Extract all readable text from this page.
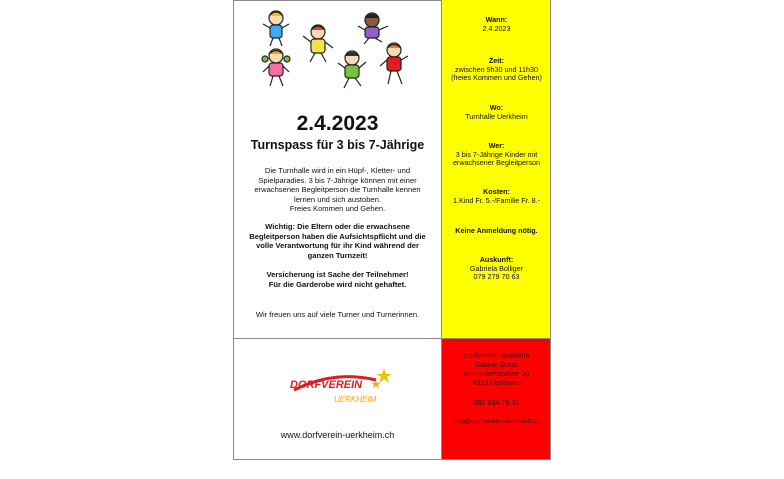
2.4.2023
Turnspass für 3 bis 7-Jährige
Die Turnhalle wird in ein Hüpf-, Kletter- und
Spielparadies. 3 bis 7-Jährige können mit einer
erwachsenen Begleitperson die Turnhalle kennen
lernen und sich austoben.
Freies Kommen und Gehen.
Wichtig: Die Eltern oder die erwachsene
Begleitperson haben die Aufsichtspflicht und die
volle Verantwortung für ihr Kind während der
ganzen Turnzeit!
Versicherung ist Sache der Teilnehmer!
Für die Garderobe wird nicht gehaftet.
Wir freuen uns auf viele Turner und Turnerinnen.
DORFVEREIN
UERKHEIM
www.dorfverein-uerkheim.ch
Wann:
2.4.2023
Zeit:
zwischen 9h30 und 11h30
(freies Kommen und Gehen)
Wo:
Turnhalle Uerkheim
Wer:
3 bis 7-Jährige Kinder mit
erwachsener Begleitperson
Kosten:
1.Kind Fr. 5.-/Familie Fr. 8.-
Keine Anmeldung nötig.
Auskunft:
Gabriela Bolliger
079 279 70 63
Dorfverein Uerkheim
Sabine Schär
Breitackerstrasse 20
4813 Uerkheim
062 534 76 31
info@dorfverein-uerkheim.ch
